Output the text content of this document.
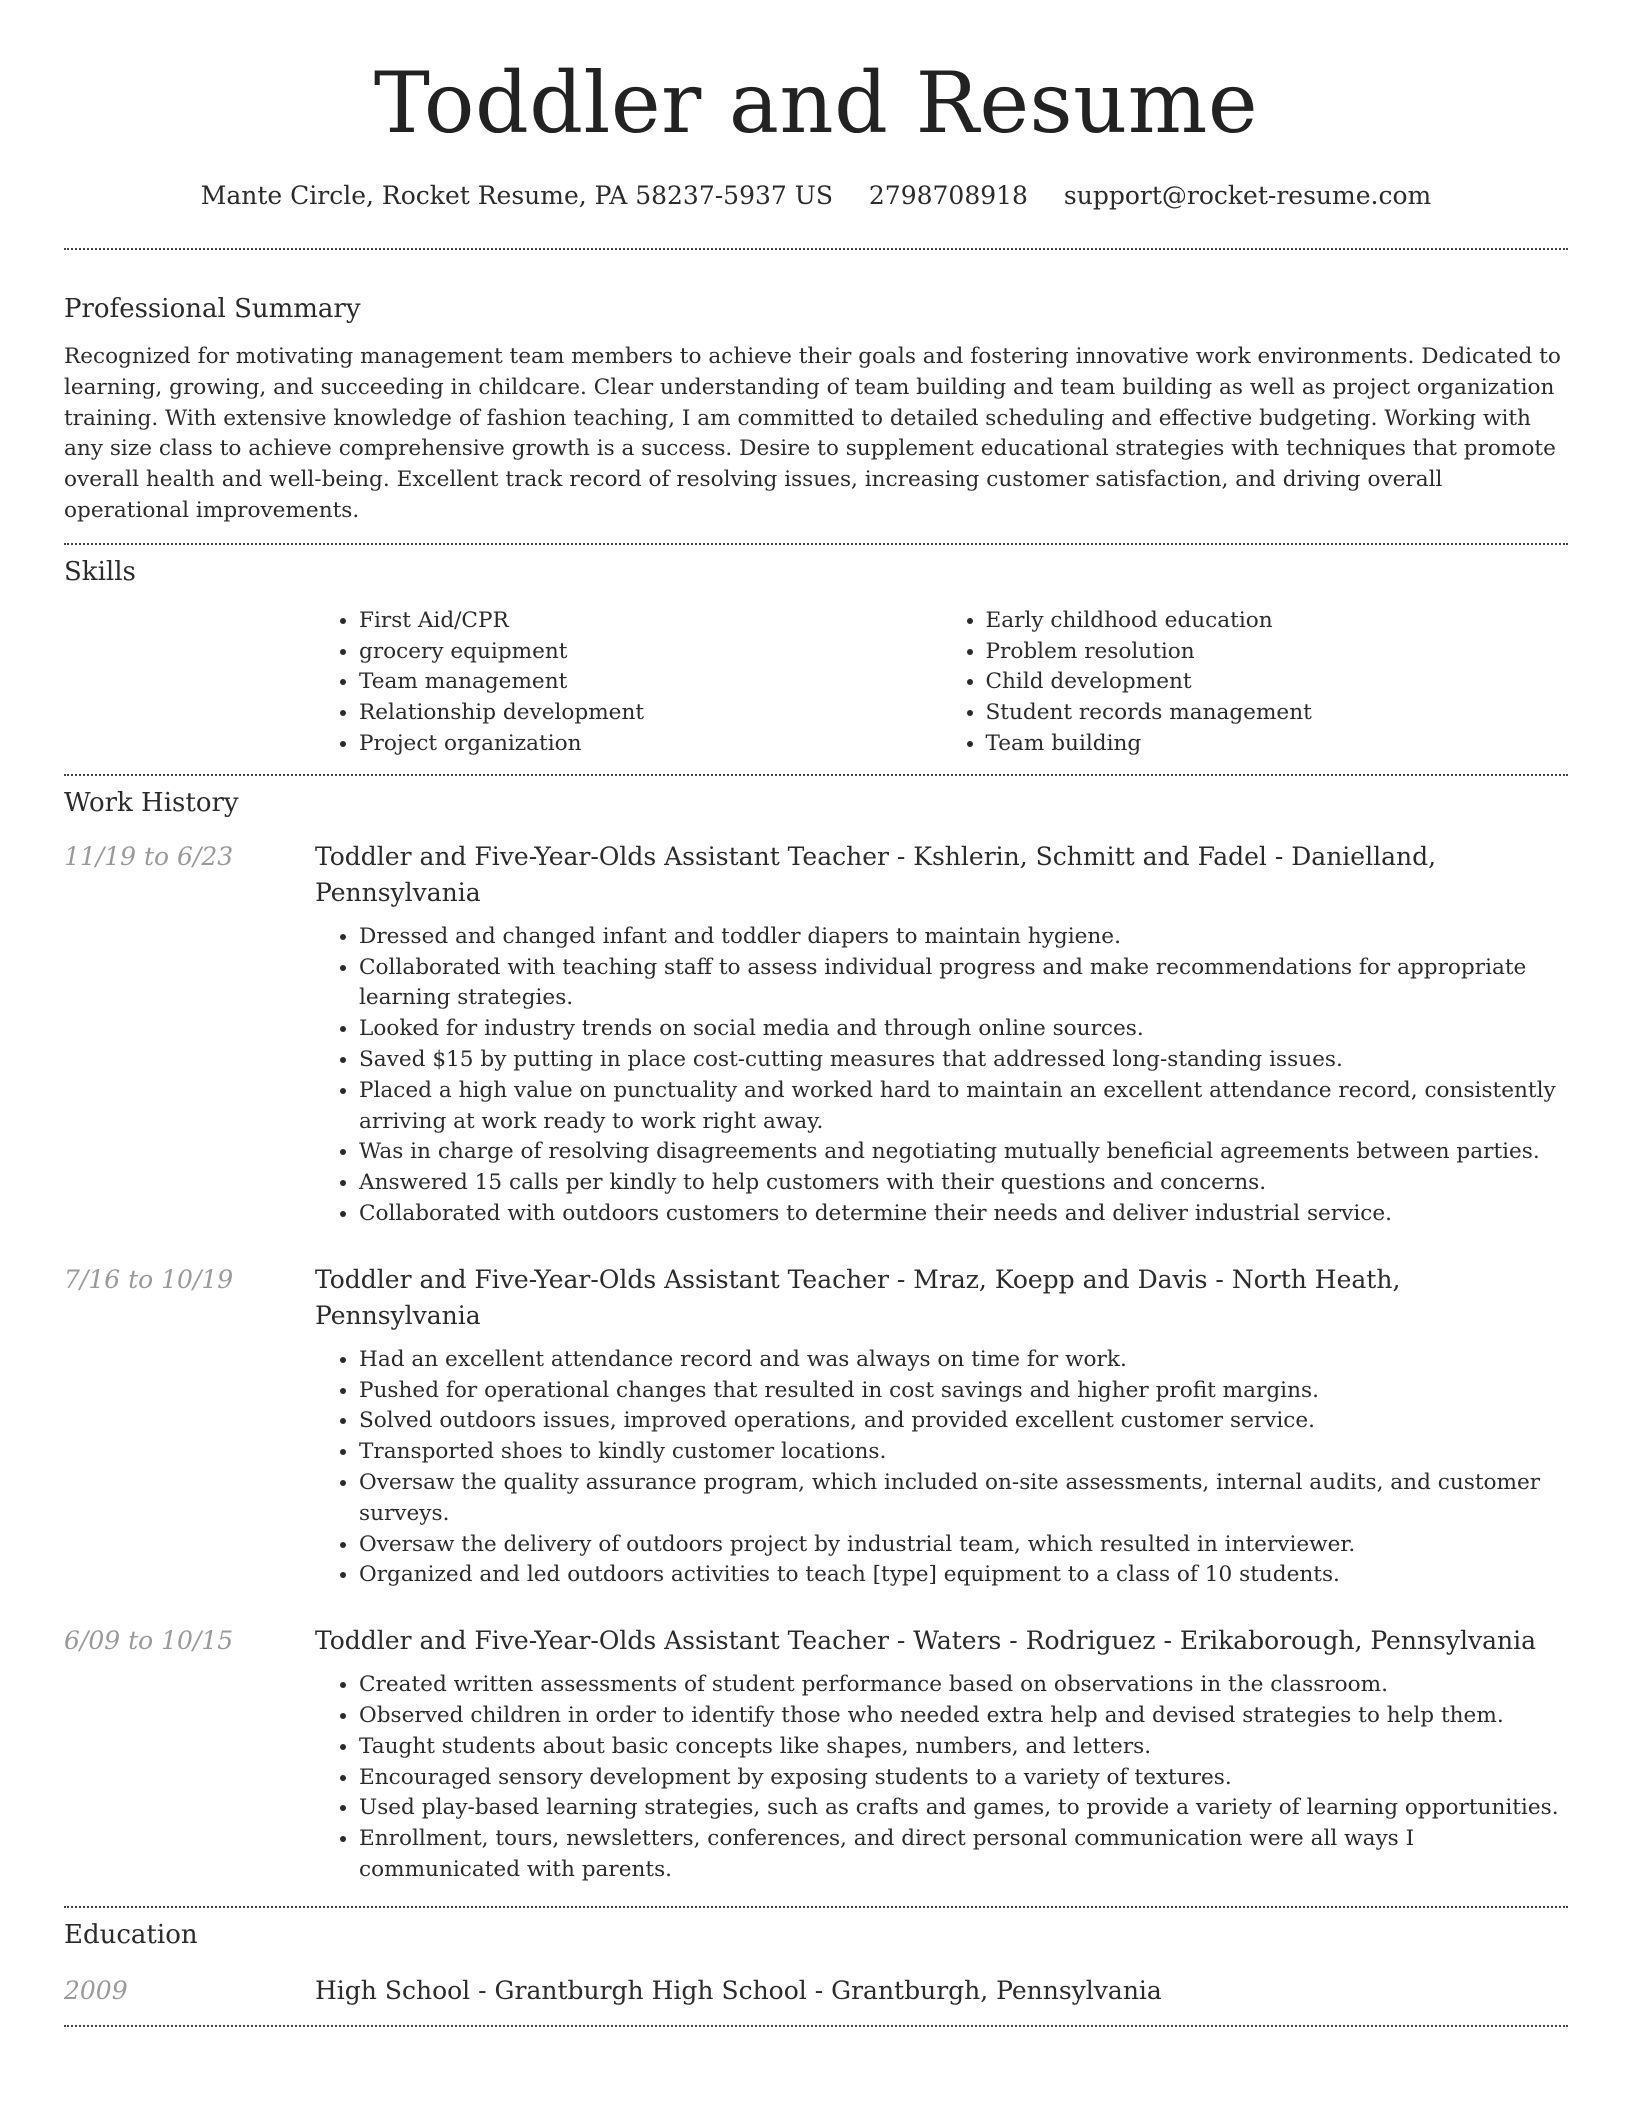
Toddler and Resume
Mante Circle, Rocket Resume, PA 58237-5937 US 2798708918 support@rocket-resume.com
Professional Summary

Recognized for motivating management team members to achieve their goals and fostering innovative work environments. Dedicated to learning, growing, and succeeding in childcare. Clear understanding of team building and team building as well as project organization training. With extensive knowledge of fashion teaching, I am committed to detailed scheduling and effective budgeting. Working with any size class to achieve comprehensive growth is a success. Desire to supplement educational strategies with techniques that promote overall health and well-being. Excellent track record of resolving issues, increasing customer satisfaction, and driving overall operational improvements.

Skills
• First Aid/CPR
• grocery equipment
• Team management
• Relationship development
• Project organization
• Early childhood education
• Problem resolution
• Child development
• Student records management
• Team building
Work History
11/19 to 6/23	Toddler and Five-Year-Olds Assistant Teacher - Kshlerin, Schmitt and Fadel - Danielland, Pennsylvania
• Dressed and changed infant and toddler diapers to maintain hygiene.
• Collaborated with teaching staff to assess individual progress and make recommendations for appropriate learning strategies.
• Looked for industry trends on social media and through online sources.
• Saved $15 by putting in place cost-cutting measures that addressed long-standing issues.
• Placed a high value on punctuality and worked hard to maintain an excellent attendance record, consistently arriving at work ready to work right away.
• Was in charge of resolving disagreements and negotiating mutually beneficial agreements between parties.
• Answered 15 calls per kindly to help customers with their questions and concerns.
• Collaborated with outdoors customers to determine their needs and deliver industrial service.
7/16 to 10/19	Toddler and Five-Year-Olds Assistant Teacher - Mraz, Koepp and Davis - North Heath, Pennsylvania
• Had an excellent attendance record and was always on time for work.
• Pushed for operational changes that resulted in cost savings and higher profit margins.
• Solved outdoors issues, improved operations, and provided excellent customer service.
• Transported shoes to kindly customer locations.
• Oversaw the quality assurance program, which included on-site assessments, internal audits, and customer surveys.
• Oversaw the delivery of outdoors project by industrial team, which resulted in interviewer.
• Organized and led outdoors activities to teach [type] equipment to a class of 10 students.
6/09 to 10/15	Toddler and Five-Year-Olds Assistant Teacher - Waters - Rodriguez - Erikaborough, Pennsylvania
• Created written assessments of student performance based on observations in the classroom.
• Observed children in order to identify those who needed extra help and devised strategies to help them.
• Taught students about basic concepts like shapes, numbers, and letters.
• Encouraged sensory development by exposing students to a variety of textures.
• Used play-based learning strategies, such as crafts and games, to provide a variety of learning opportunities.
• Enrollment, tours, newsletters, conferences, and direct personal communication were all ways I communicated with parents.
Education
2009	High School - Grantburgh High School - Grantburgh, Pennsylvania
